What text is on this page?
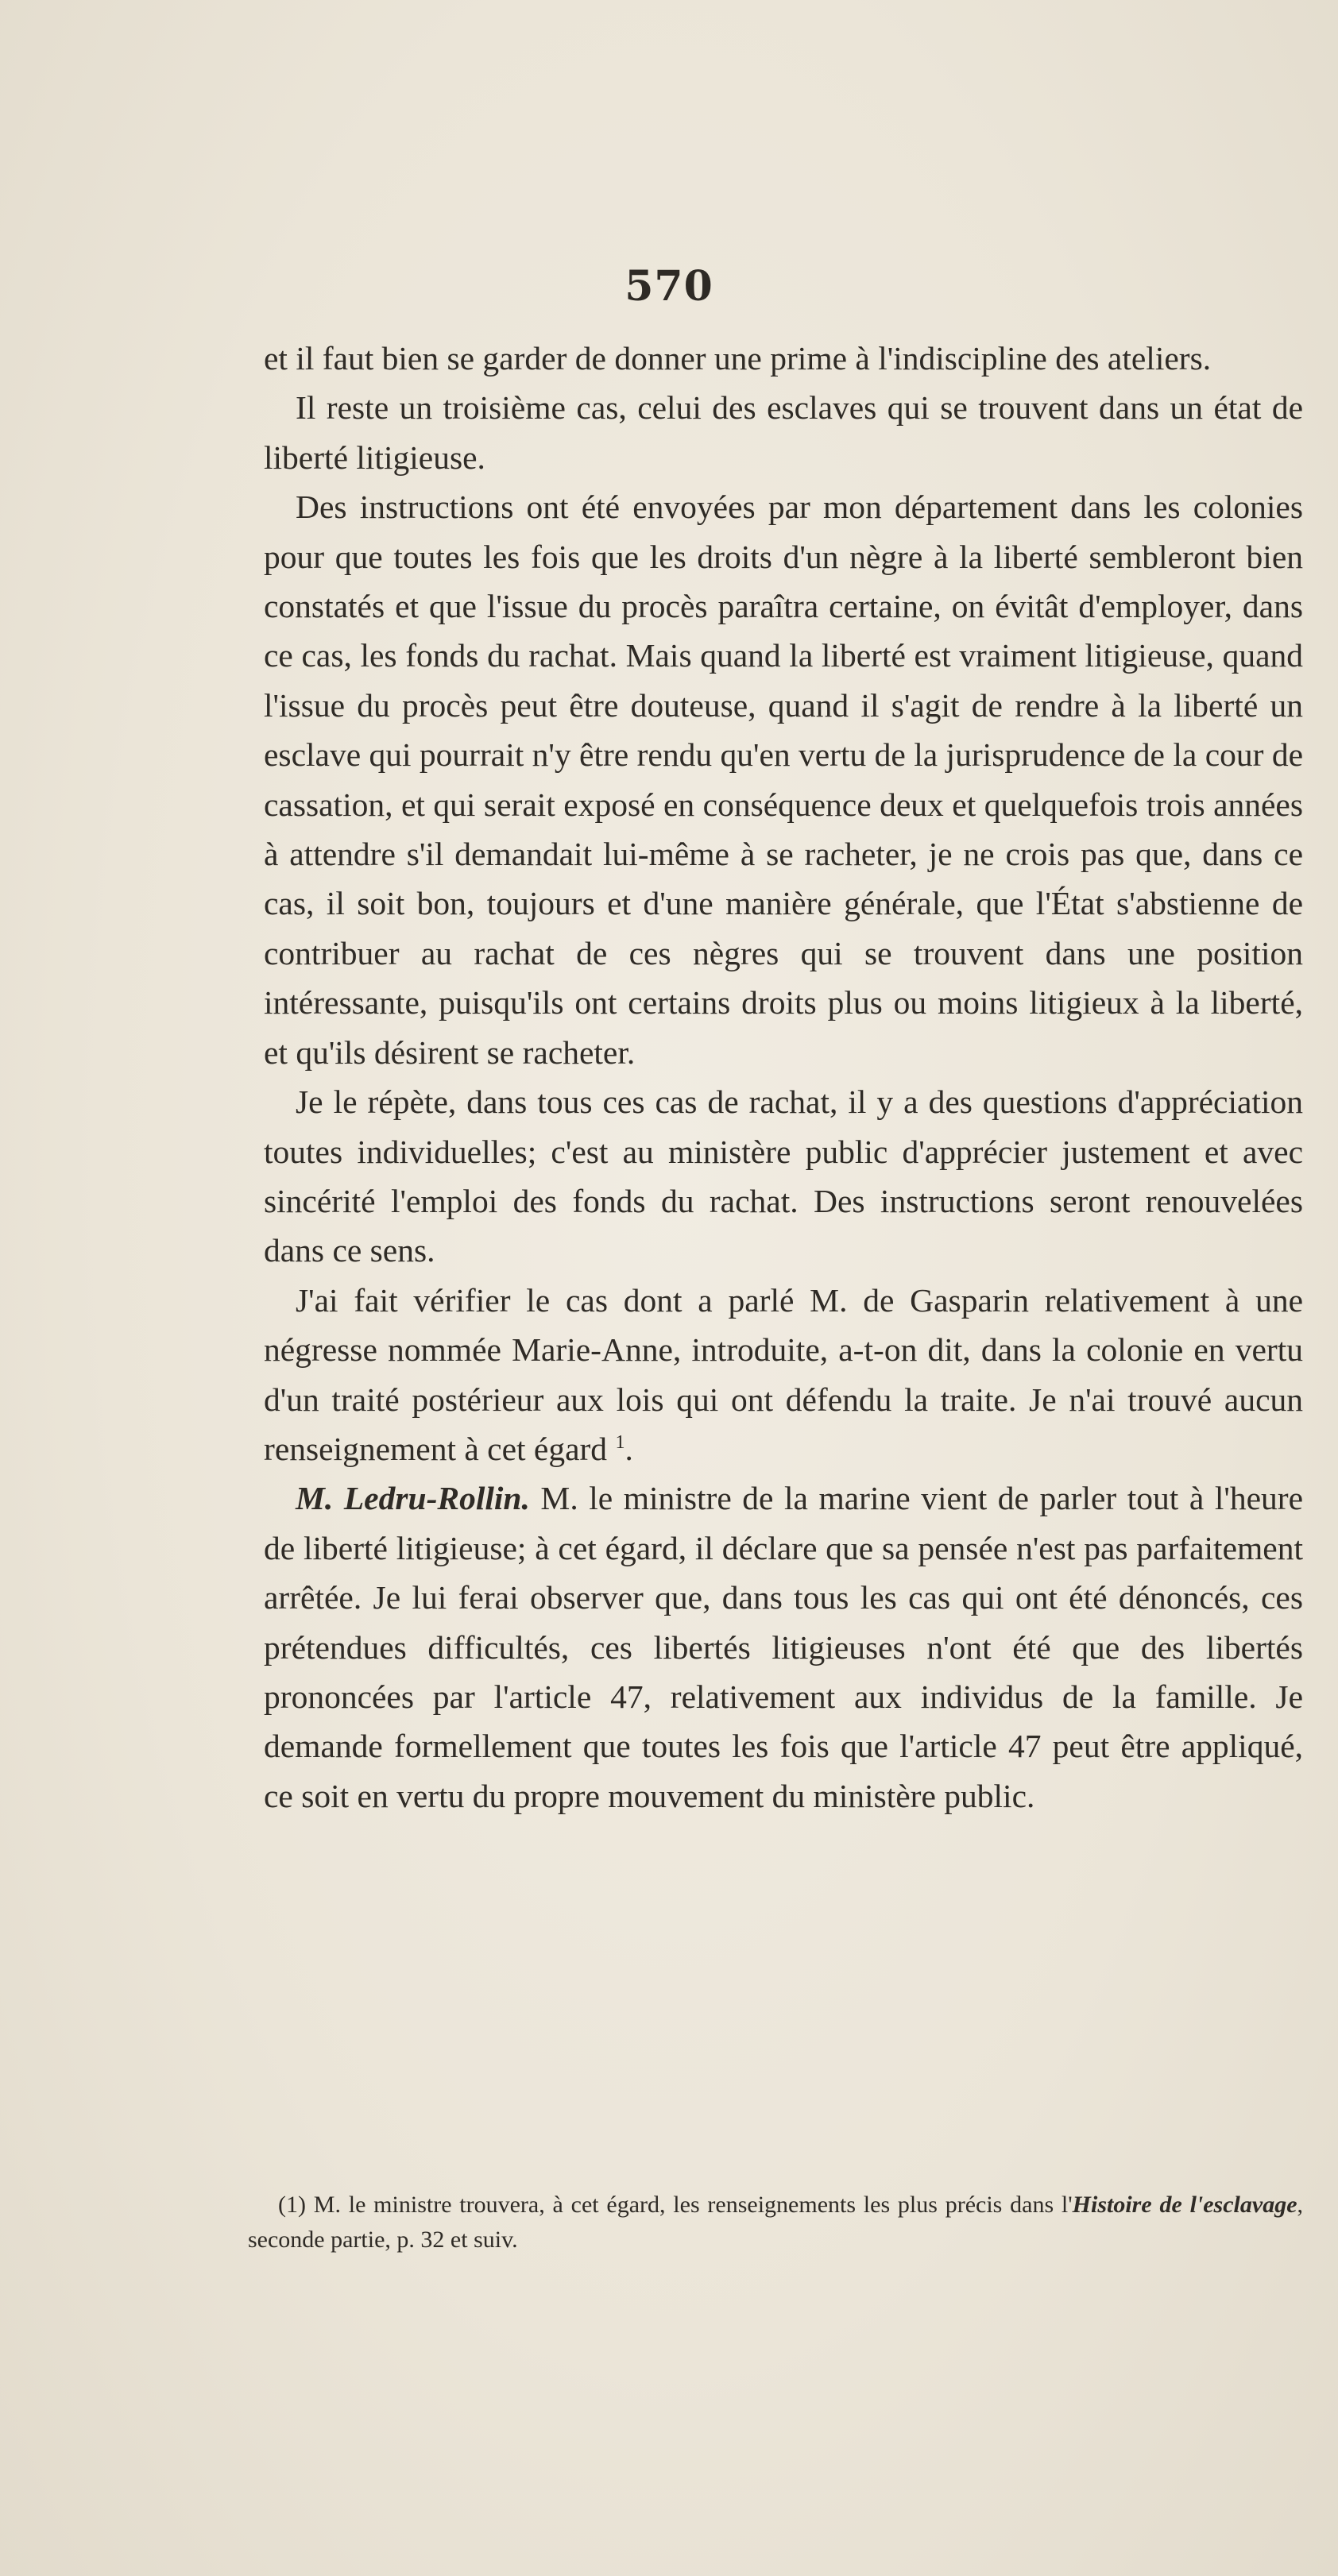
570

et il faut bien se garder de donner une prime à l'indiscipline des ateliers.

Il reste un troisième cas, celui des esclaves qui se trouvent dans un état de liberté litigieuse.

Des instructions ont été envoyées par mon département dans les colonies pour que toutes les fois que les droits d'un nègre à la liberté sembleront bien constatés et que l'issue du procès paraîtra certaine, on évitât d'employer, dans ce cas, les fonds du rachat. Mais quand la liberté est vraiment litigieuse, quand l'issue du procès peut être douteuse, quand il s'agit de rendre à la liberté un esclave qui pourrait n'y être rendu qu'en vertu de la jurisprudence de la cour de cassation, et qui serait exposé en conséquence deux et quelquefois trois années à attendre s'il demandait lui-même à se racheter, je ne crois pas que, dans ce cas, il soit bon, toujours et d'une manière générale, que l'État s'abstienne de contribuer au rachat de ces nègres qui se trouvent dans une position intéressante, puisqu'ils ont certains droits plus ou moins litigieux à la liberté, et qu'ils désirent se racheter.

Je le répète, dans tous ces cas de rachat, il y a des questions d'appréciation toutes individuelles; c'est au ministère public d'apprécier justement et avec sincérité l'emploi des fonds du rachat. Des instructions seront renouvelées dans ce sens.

J'ai fait vérifier le cas dont a parlé M. de Gasparin relativement à une négresse nommée Marie-Anne, introduite, a-t-on dit, dans la colonie en vertu d'un traité postérieur aux lois qui ont défendu la traite. Je n'ai trouvé aucun renseignement à cet égard $^1$.

M. Ledru-Rollin. M. le ministre de la marine vient de parler tout à l'heure de liberté litigieuse; à cet égard, il déclare que sa pensée n'est pas parfaitement arrêtée. Je lui ferai observer que, dans tous les cas qui ont été dénoncés, ces prétendues difficultés, ces libertés litigieuses n'ont été que des libertés prononcées par l'article 47, relativement aux individus de la famille. Je demande formellement que toutes les fois que l'article 47 peut être appliqué, ce soit en vertu du propre mouvement du ministère public.

(1) M. le ministre trouvera, à cet égard, les renseignements les plus précis dans l'Histoire de l'esclavage, seconde partie, p. 32 et suiv.
